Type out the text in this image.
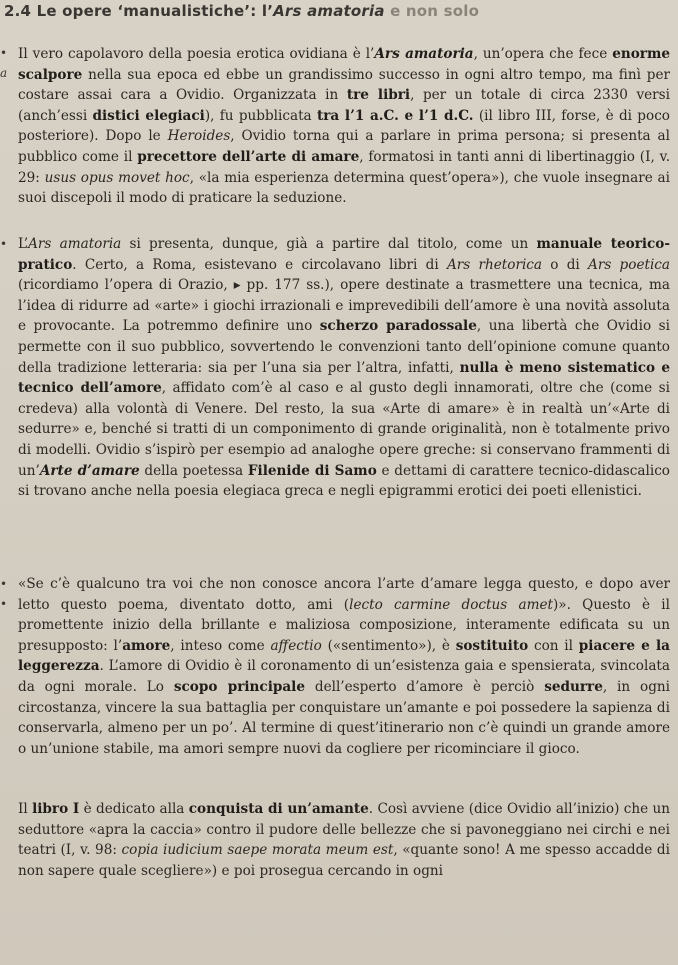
2.4 Le opere ‘manualistiche’: l’Ars amatoria e non solo
•
a
•
•
•

Il vero capolavoro della poesia erotica ovidiana è l’Ars amatoria, un’opera che fece enorme scalpore nella sua epoca ed ebbe un grandissimo successo in ogni altro tempo, ma finì per costare assai cara a Ovidio. Organizzata in tre libri, per un totale di circa 2330 versi (anch’essi distici elegiaci), fu pubblicata tra l’1 a.C. e l’1 d.C. (il libro III, forse, è di poco posteriore). Dopo le Heroides, Ovidio torna qui a parlare in prima persona; si presenta al pubblico come il precettore dell’arte di amare, formatosi in tanti anni di libertinaggio (I, v. 29: usus opus movet hoc, «la mia esperienza determina quest’opera»), che vuole insegnare ai suoi discepoli il modo di praticare la seduzione.

L’Ars amatoria si presenta, dunque, già a partire dal titolo, come un manuale teorico-pratico. Certo, a Roma, esistevano e circolavano libri di Ars rhetorica o di Ars poetica (ricordiamo l’opera di Orazio, ▸ pp. 177 ss.), opere destinate a trasmettere una tecnica, ma l’idea di ridurre ad «arte» i giochi irrazionali e imprevedibili dell’amore è una novità assoluta e provocante. La potremmo definire uno scherzo paradossale, una libertà che Ovidio si permette con il suo pubblico, sovvertendo le convenzioni tanto dell’opinione comune quanto della tradizione letteraria: sia per l’una sia per l’altra, infatti, nulla è meno sistematico e tecnico dell’amore, affidato com’è al caso e al gusto degli innamorati, oltre che (come si credeva) alla volontà di Venere. Del resto, la sua «Arte di amare» è in realtà un’«Arte di sedurre» e, benché si tratti di un componimento di grande originalità, non è totalmente privo di modelli. Ovidio s’ispirò per esempio ad analoghe opere greche: si conservano frammenti di un’Arte d’amare della poetessa Filenide di Samo e dettami di carattere tecnico-didascalico si trovano anche nella poesia elegiaca greca e negli epigrammi erotici dei poeti ellenistici.

«Se c’è qualcuno tra voi che non conosce ancora l’arte d’amare legga questo, e dopo aver letto questo poema, diventato dotto, ami (lecto carmine doctus amet)». Questo è il promettente inizio della brillante e maliziosa composizione, interamente edificata su un presupposto: l’amore, inteso come affectio («sentimento»), è sostituito con il piacere e la leggerezza. L’amore di Ovidio è il coronamento di un’esistenza gaia e spensierata, svincolata da ogni morale. Lo scopo principale dell’esperto d’amore è perciò sedurre, in ogni circostanza, vincere la sua battaglia per conquistare un’amante e poi possedere la sapienza di conservarla, almeno per un po’. Al termine di quest’itinerario non c’è quindi un grande amore o un’unione stabile, ma amori sempre nuovi da cogliere per ricominciare il gioco.

Il libro I è dedicato alla conquista di un’amante. Così avviene (dice Ovidio all’inizio) che un seduttore «apra la caccia» contro il pudore delle bellezze che si pavoneggiano nei circhi e nei teatri (I, v. 98: copia iudicium saepe morata meum est, «quante sono! A me spesso accadde di non sapere quale scegliere») e poi prosegua cercando in ogni
